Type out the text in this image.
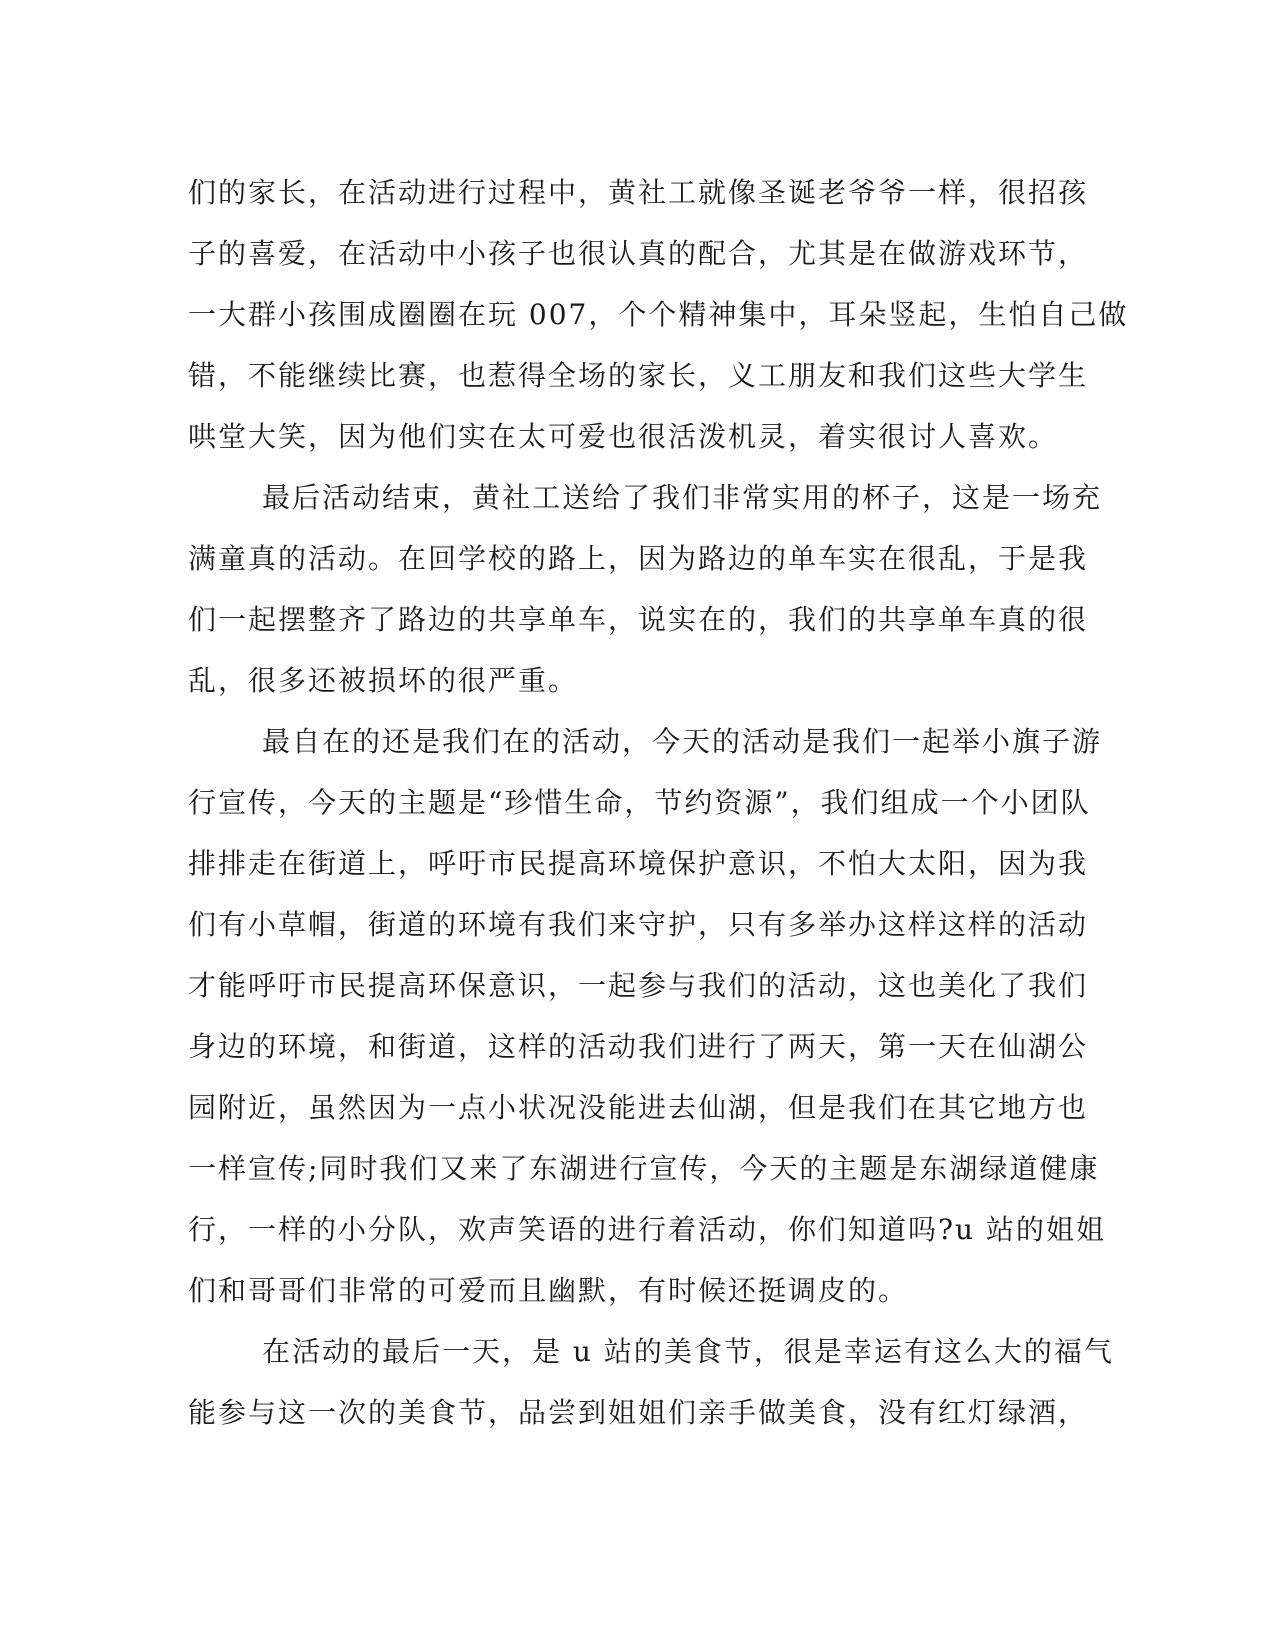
们的家长，在活动进行过程中，黄社工就像圣诞老爷爷一样，很招孩
子的喜爱，在活动中小孩子也很认真的配合，尤其是在做游戏环节，
一大群小孩围成圈圈在玩 007，个个精神集中，耳朵竖起，生怕自己做
错，不能继续比赛，也惹得全场的家长，义工朋友和我们这些大学生
哄堂大笑，因为他们实在太可爱也很活泼机灵，着实很讨人喜欢。
最后活动结束，黄社工送给了我们非常实用的杯子，这是一场充
满童真的活动。在回学校的路上，因为路边的单车实在很乱，于是我
们一起摆整齐了路边的共享单车，说实在的，我们的共享单车真的很
乱，很多还被损坏的很严重。
最自在的还是我们在的活动，今天的活动是我们一起举小旗子游
行宣传，今天的主题是“珍惜生命，节约资源”，我们组成一个小团队
排排走在街道上，呼吁市民提高环境保护意识，不怕大太阳，因为我
们有小草帽，街道的环境有我们来守护，只有多举办这样这样的活动
才能呼吁市民提高环保意识，一起参与我们的活动，这也美化了我们
身边的环境，和街道，这样的活动我们进行了两天，第一天在仙湖公
园附近，虽然因为一点小状况没能进去仙湖，但是我们在其它地方也
一样宣传;同时我们又来了东湖进行宣传，今天的主题是东湖绿道健康
行，一样的小分队，欢声笑语的进行着活动，你们知道吗?u 站的姐姐
们和哥哥们非常的可爱而且幽默，有时候还挺调皮的。
在活动的最后一天，是 u 站的美食节，很是幸运有这么大的福气
能参与这一次的美食节，品尝到姐姐们亲手做美食，没有红灯绿酒，
